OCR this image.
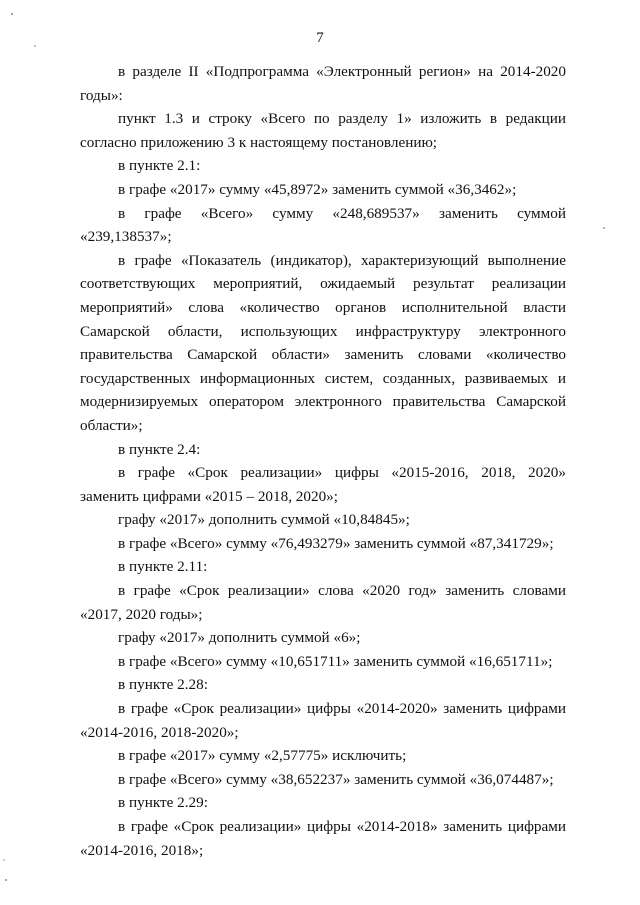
7

в разделе II «Подпрограмма «Электронный регион» на 2014-2020 годы»:

пункт 1.3 и строку «Всего по разделу 1» изложить в редакции согласно приложению 3 к настоящему постановлению;

в пункте 2.1:

в графе «2017» сумму «45,8972» заменить суммой «36,3462»;

в графе «Всего» сумму «248,689537» заменить суммой «239,138537»;

в графе «Показатель (индикатор), характеризующий выполнение соответствующих мероприятий, ожидаемый результат реализации мероприятий» слова «количество органов исполнительной власти Самарской области, использующих инфраструктуру электронного правительства Самарской области» заменить словами «количество государственных информационных систем, созданных, развиваемых и модернизируемых оператором электронного правительства Самарской области»;

в пункте 2.4:

в графе «Срок реализации» цифры «2015-2016, 2018, 2020» заменить цифрами «2015 – 2018, 2020»;

графу «2017» дополнить суммой «10,84845»;

в графе «Всего» сумму «76,493279» заменить суммой «87,341729»;

в пункте 2.11:

в графе «Срок реализации» слова «2020 год» заменить словами «2017, 2020 годы»;

графу «2017» дополнить суммой «6»;

в графе «Всего» сумму «10,651711» заменить суммой «16,651711»;

в пункте 2.28:

в графе «Срок реализации» цифры «2014-2020» заменить цифрами «2014-2016, 2018-2020»;

в графе «2017» сумму «2,57775» исключить;

в графе «Всего» сумму «38,652237» заменить суммой «36,074487»;

в пункте 2.29:

в графе «Срок реализации» цифры «2014-2018» заменить цифрами «2014-2016, 2018»;
